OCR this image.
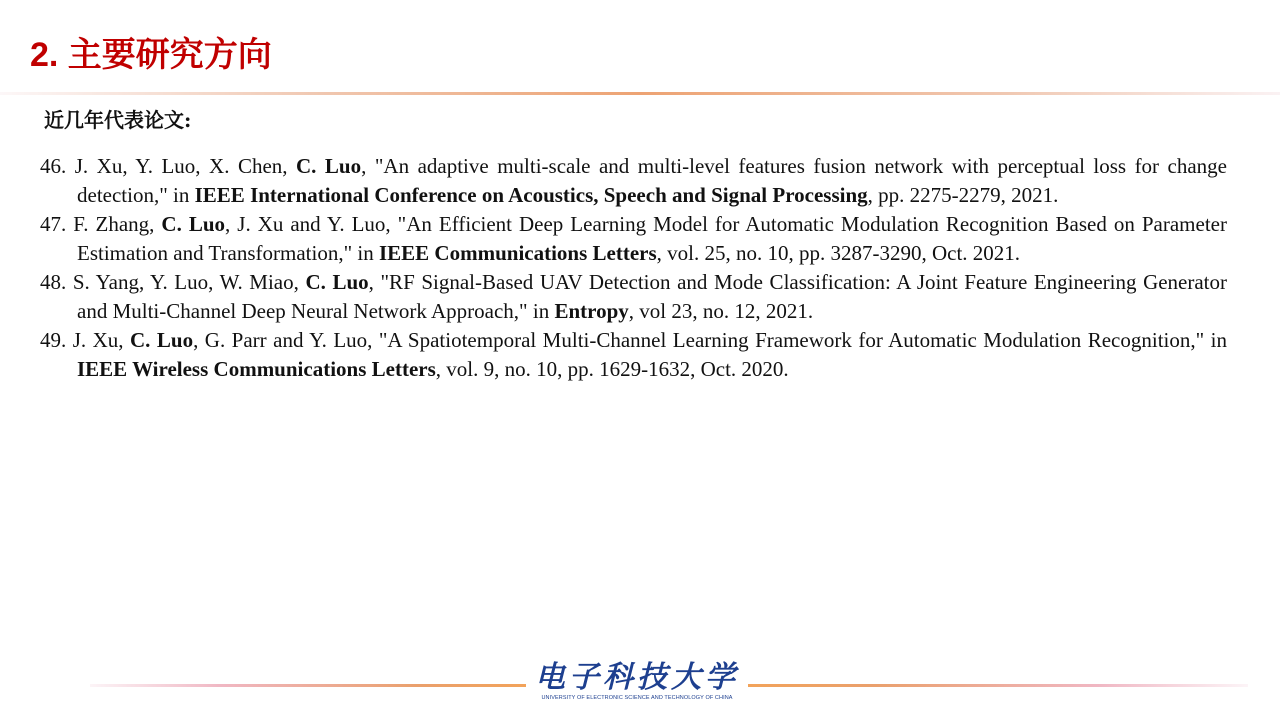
2. 主要研究方向
近几年代表论文:
46. J. Xu, Y. Luo, X. Chen, C. Luo, "An adaptive multi-scale and multi-level features fusion network with perceptual loss for change detection," in IEEE International Conference on Acoustics, Speech and Signal Processing, pp. 2275-2279, 2021.
47. F. Zhang, C. Luo, J. Xu and Y. Luo, "An Efficient Deep Learning Model for Automatic Modulation Recognition Based on Parameter Estimation and Transformation," in IEEE Communications Letters, vol. 25, no. 10, pp. 3287-3290, Oct. 2021.
48. S. Yang, Y. Luo, W. Miao, C. Luo, "RF Signal-Based UAV Detection and Mode Classification: A Joint Feature Engineering Generator and Multi-Channel Deep Neural Network Approach," in Entropy, vol 23, no. 12, 2021.
49. J. Xu, C. Luo, G. Parr and Y. Luo, "A Spatiotemporal Multi-Channel Learning Framework for Automatic Modulation Recognition," in IEEE Wireless Communications Letters, vol. 9, no. 10, pp. 1629-1632, Oct. 2020.
电子科技大学
UNIVERSITY OF ELECTRONIC SCIENCE AND TECHNOLOGY OF CHINA
